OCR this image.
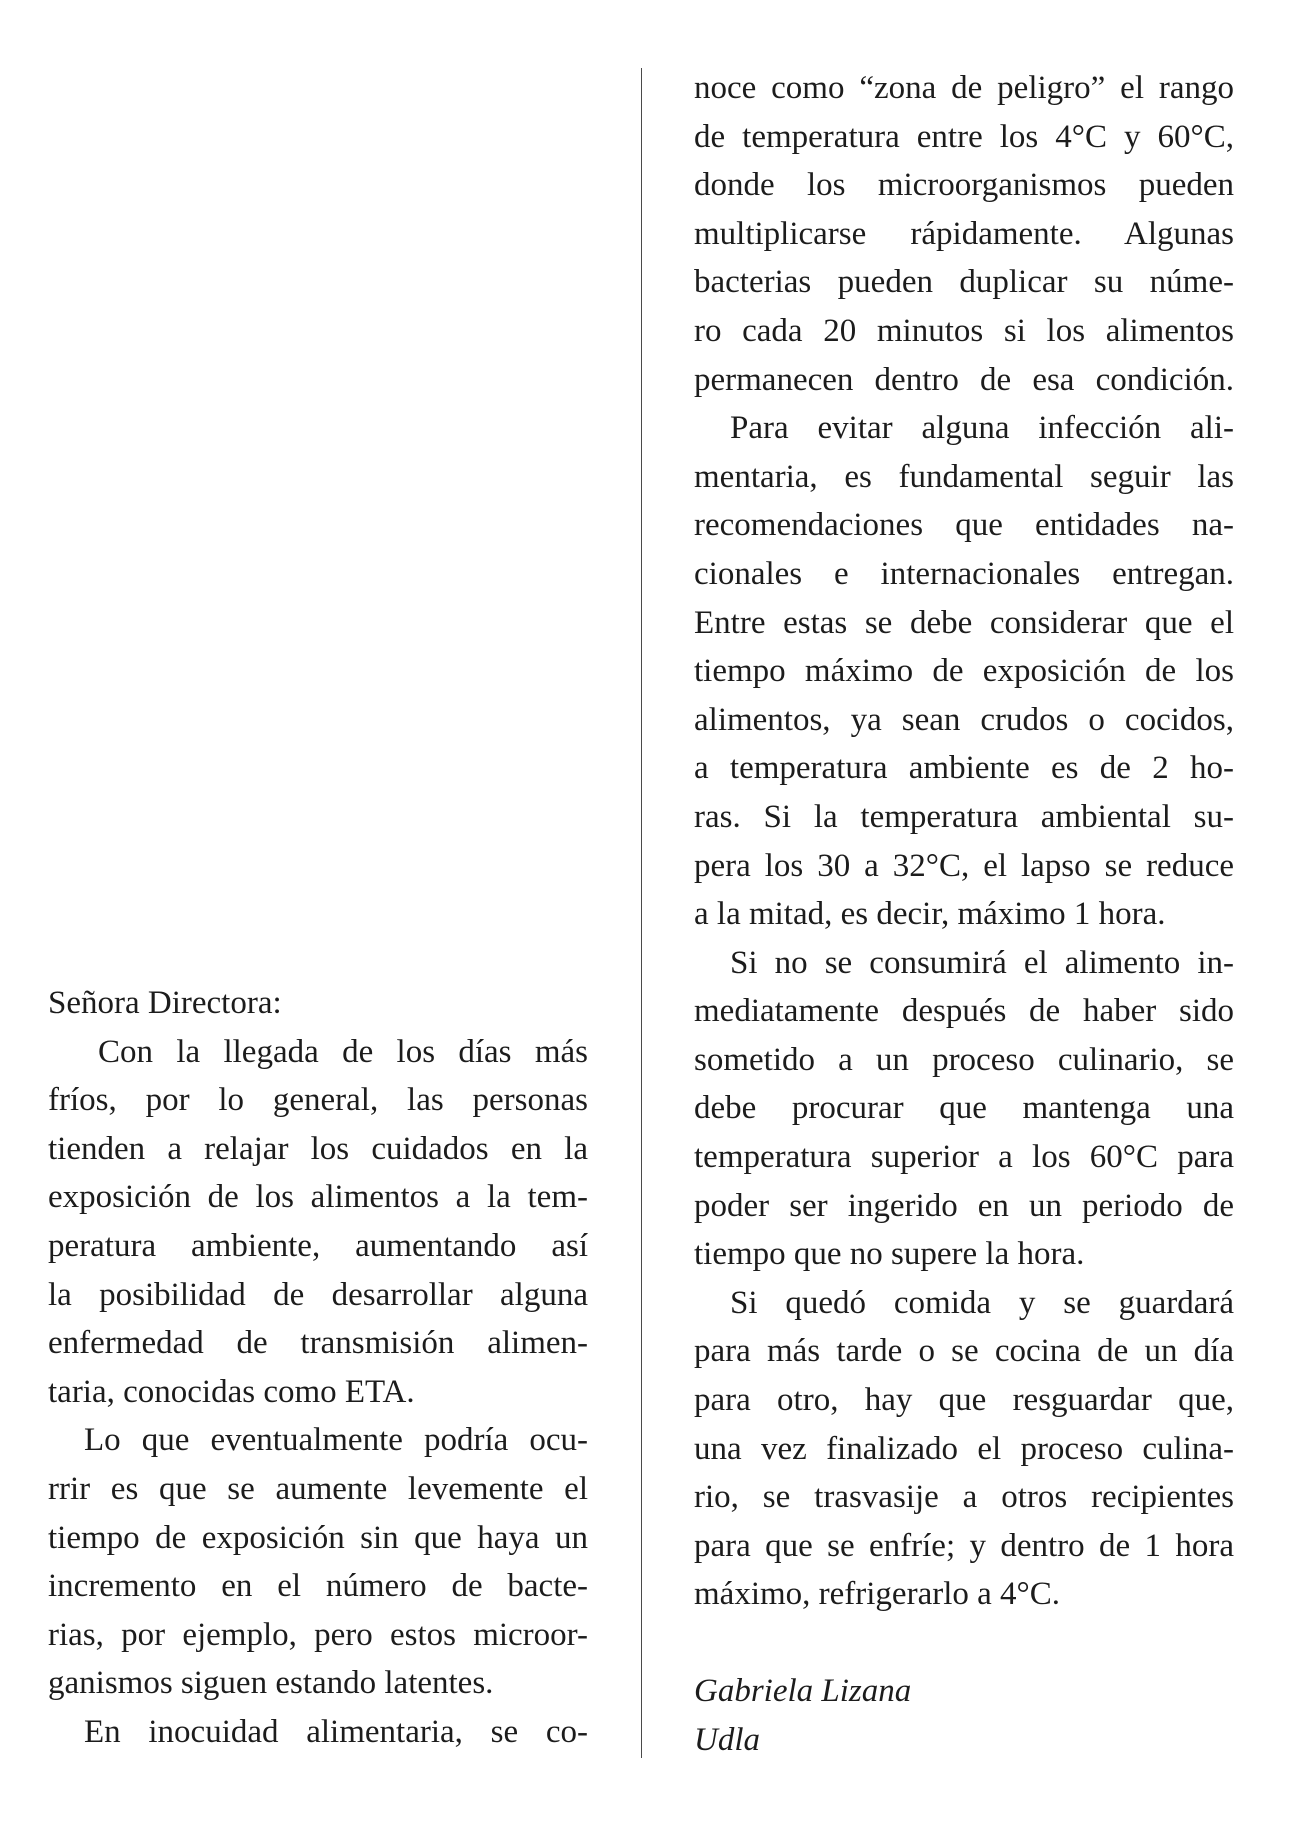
Señora Directora:
Con la llegada de los días más
fríos, por lo general, las personas
tienden a relajar los cuidados en la
exposición de los alimentos a la tem-
peratura ambiente, aumentando así
la posibilidad de desarrollar alguna
enfermedad de transmisión alimen-
taria, conocidas como ETA.
Lo que eventualmente podría ocu-
rrir es que se aumente levemente el
tiempo de exposición sin que haya un
incremento en el número de bacte-
rias, por ejemplo, pero estos microor-
ganismos siguen estando latentes.
En inocuidad alimentaria, se co-
noce como “zona de peligro” el rango
de temperatura entre los 4°C y 60°C,
donde los microorganismos pueden
multiplicarse rápidamente. Algunas
bacterias pueden duplicar su núme-
ro cada 20 minutos si los alimentos
permanecen dentro de esa condición.
Para evitar alguna infección ali-
mentaria, es fundamental seguir las
recomendaciones que entidades na-
cionales e internacionales entregan.
Entre estas se debe considerar que el
tiempo máximo de exposición de los
alimentos, ya sean crudos o cocidos,
a temperatura ambiente es de 2 ho-
ras. Si la temperatura ambiental su-
pera los 30 a 32°C, el lapso se reduce
a la mitad, es decir, máximo 1 hora.
Si no se consumirá el alimento in-
mediatamente después de haber sido
sometido a un proceso culinario, se
debe procurar que mantenga una
temperatura superior a los 60°C para
poder ser ingerido en un periodo de
tiempo que no supere la hora.
Si quedó comida y se guardará
para más tarde o se cocina de un día
para otro, hay que resguardar que,
una vez finalizado el proceso culina-
rio, se trasvasije a otros recipientes
para que se enfríe; y dentro de 1 hora
máximo, refrigerarlo a 4°C.
Gabriela Lizana
Udla
